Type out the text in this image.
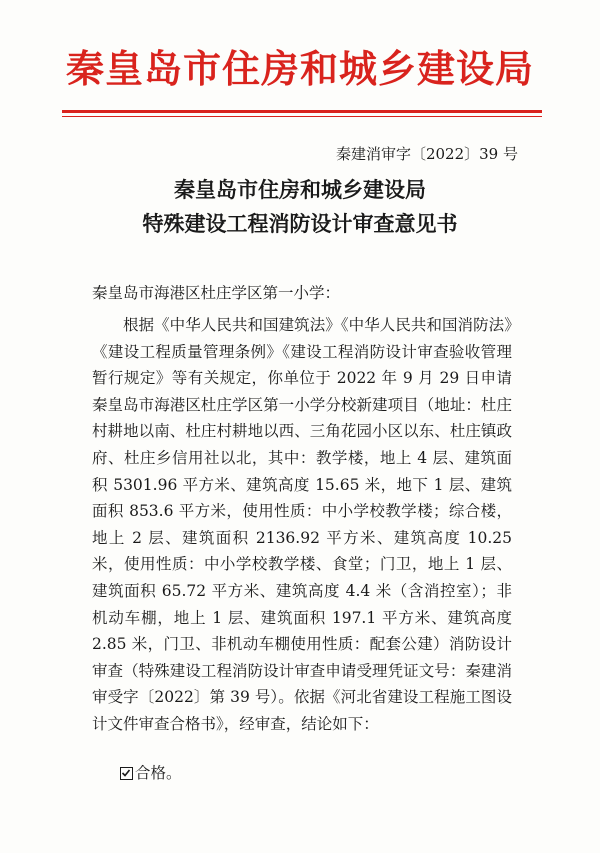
秦皇岛市住房和城乡建设局
秦建消审字〔2022〕39 号
秦皇岛市住房和城乡建设局
特殊建设工程消防设计审查意见书
秦皇岛市海港区杜庄学区第一小学：
根据《中华人民共和国建筑法》《中华人民共和国消防法》《建设工程质量管理条例》《建设工程消防设计审查验收管理暂行规定》等有关规定，你单位于 2022 年 9 月 29 日申请秦皇岛市海港区杜庄学区第一小学分校新建项目（地址：杜庄村耕地以南、杜庄村耕地以西、三角花园小区以东、杜庄镇政府、杜庄乡信用社以北，其中：教学楼，地上 4 层、建筑面积 5301.96 平方米、建筑高度 15.65 米，地下 1 层、建筑面积 853.6 平方米，使用性质：中小学校教学楼；综合楼，地上 2 层、建筑面积 2136.92 平方米、建筑高度 10.25 米，使用性质：中小学校教学楼、食堂；门卫，地上 1 层、建筑面积 65.72 平方米、建筑高度 4.4 米（含消控室）；非机动车棚，地上 1 层、建筑面积 197.1 平方米、建筑高度 2.85 米，门卫、非机动车棚使用性质：配套公建）消防设计审查（特殊建设工程消防设计审查申请受理凭证文号：秦建消审受字〔2022〕第 39 号）。依据《河北省建设工程施工图设计文件审查合格书》，经审查，结论如下：
合格。
